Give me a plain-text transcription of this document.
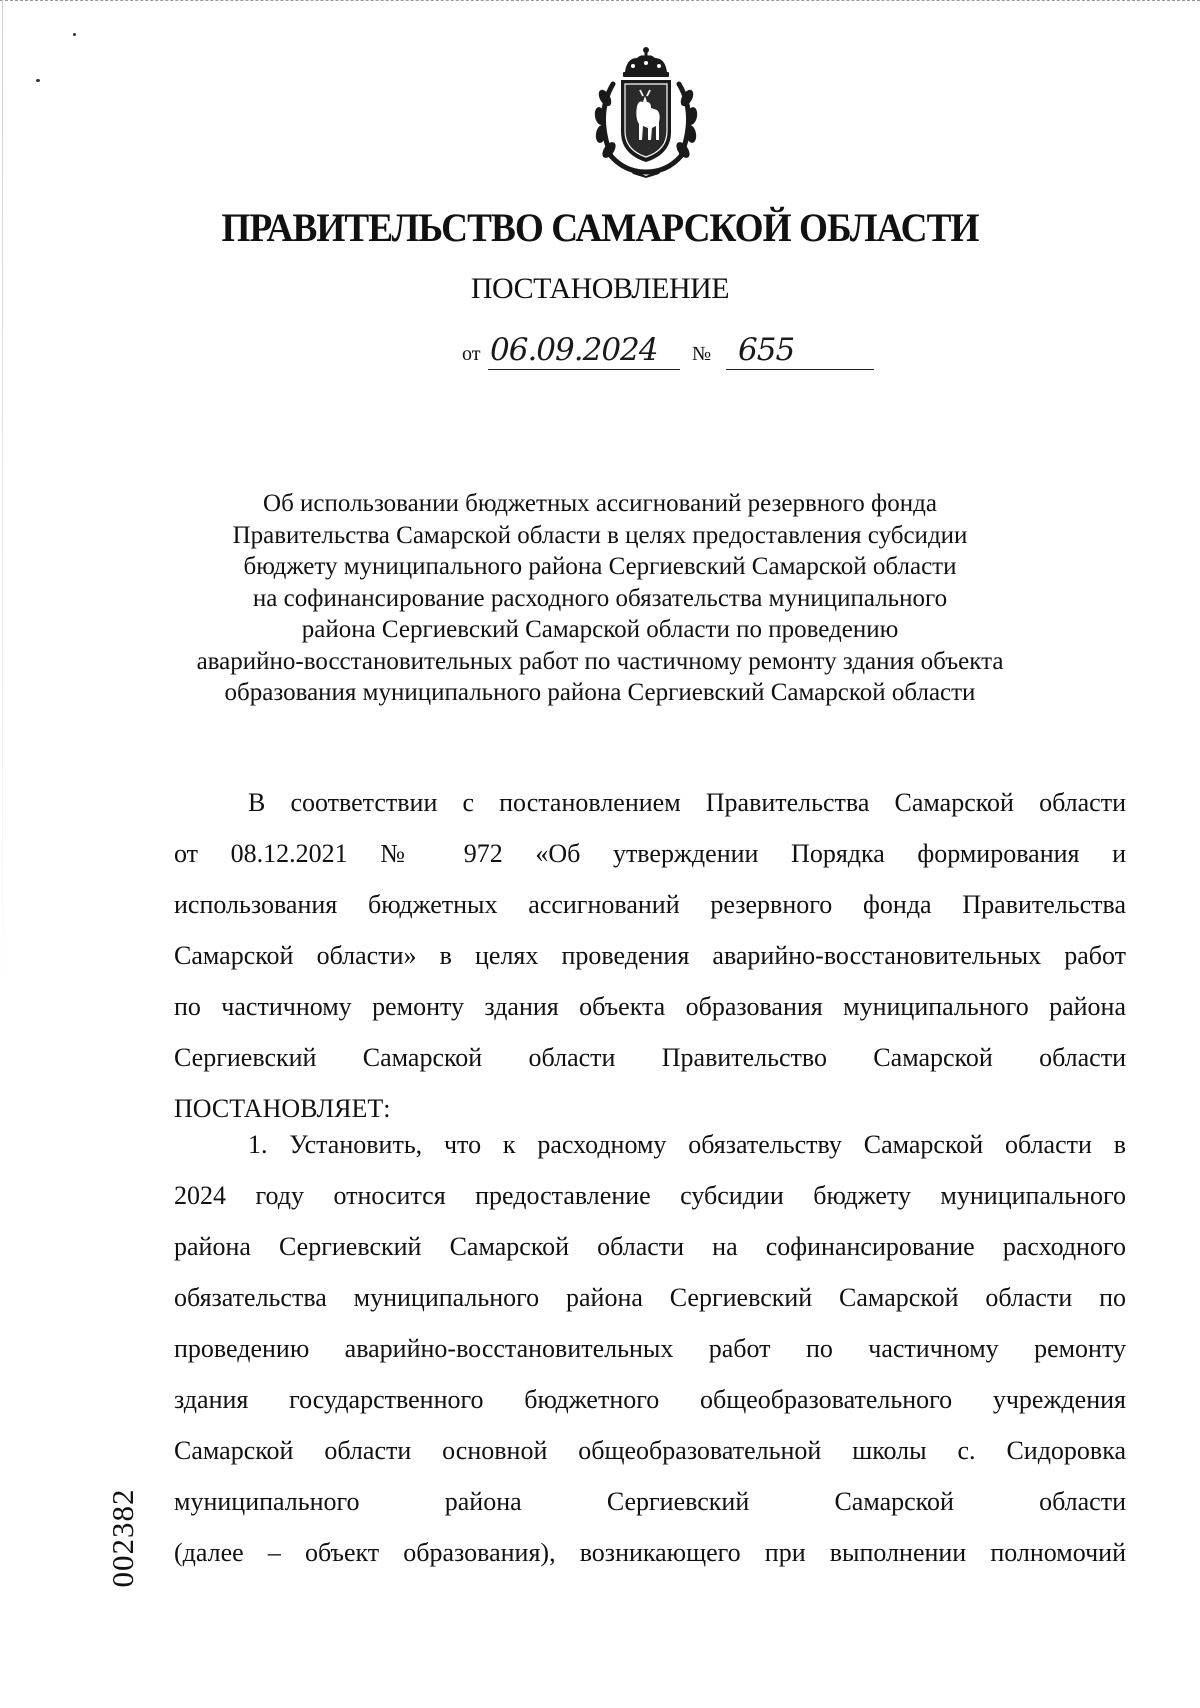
ПРАВИТЕЛЬСТВО САМАРСКОЙ ОБЛАСТИ
ПОСТАНОВЛЕНИЕ
от 06.09.2024 № 655
Об использовании бюджетных ассигнований резервного фонда
Правительства Самарской области в целях предоставления субсидии
бюджету муниципального района Сергиевский Самарской области
на софинансирование расходного обязательства муниципального
района Сергиевский Самарской области по проведению
аварийно-восстановительных работ по частичному ремонту здания объекта
образования муниципального района Сергиевский Самарской области
В соответствии с постановлением Правительства Самарской области
от 08.12.2021 № 972 «Об утверждении Порядка формирования и
использования бюджетных ассигнований резервного фонда Правительства
Самарской области» в целях проведения аварийно-восстановительных работ
по частичному ремонту здания объекта образования муниципального района
Сергиевский Самарской области Правительство Самарской области
ПОСТАНОВЛЯЕТ:
1. Установить, что к расходному обязательству Самарской области в
2024 году относится предоставление субсидии бюджету муниципального
района Сергиевский Самарской области на софинансирование расходного
обязательства муниципального района Сергиевский Самарской области по
проведению аварийно-восстановительных работ по частичному ремонту
здания государственного бюджетного общеобразовательного учреждения
Самарской области основной общеобразовательной школы с. Сидоровка
муниципального района Сергиевский Самарской области
(далее – объект образования), возникающего при выполнении полномочий
002382
